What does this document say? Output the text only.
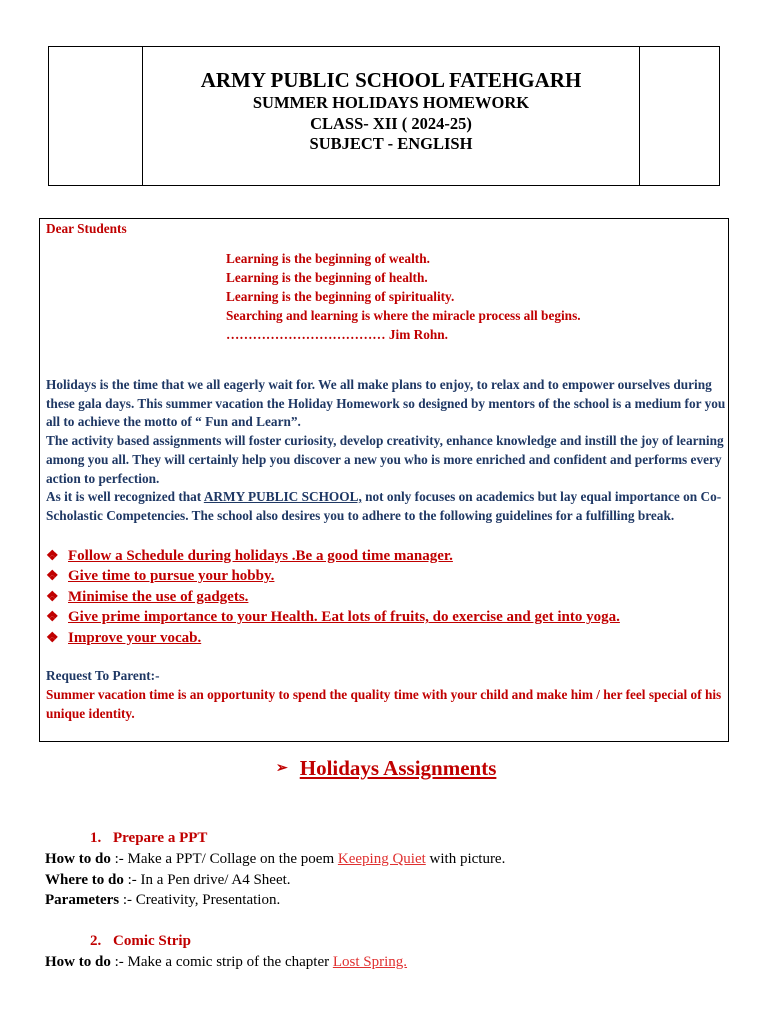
ARMY PUBLIC SCHOOL FATEHGARH
SUMMER HOLIDAYS HOMEWORK
CLASS- XII ( 2024-25)
SUBJECT - ENGLISH
Dear Students
Learning is the beginning of wealth.
Learning is the beginning of health.
Learning is the beginning of spirituality.
Searching and learning is where the miracle process all begins.
……………………………… Jim Rohn.
Holidays is the time that we all eagerly wait for. We all make plans to enjoy, to relax and to empower ourselves during these gala days. This summer vacation the Holiday Homework so designed by mentors of the school is a medium for you all to achieve the motto of “ Fun and Learn”.
The activity based assignments will foster curiosity, develop creativity, enhance knowledge and instill the joy of learning among you all. They will certainly help you discover a new you who is more enriched and confident and performs every action to perfection.
As it is well recognized that ARMY PUBLIC SCHOOL, not only focuses on academics but lay equal importance on Co-Scholastic Competencies. The school also desires you to adhere to the following guidelines for a fulfilling break.
❖ Follow a Schedule during holidays .Be a good time manager.
❖ Give time to pursue your hobby.
❖ Minimise the use of gadgets.
❖ Give prime importance to your Health. Eat lots of fruits, do exercise and get into yoga.
❖ Improve your vocab.
Request To Parent:-
Summer vacation time is an opportunity to spend the quality time with your child and make him / her feel special of his unique identity.
➢ Holidays Assignments
1. Prepare a PPT
How to do :- Make a PPT/ Collage on the poem Keeping Quiet with picture.
Where to do :- In a Pen drive/ A4 Sheet.
Parameters :- Creativity, Presentation.
2. Comic Strip
How to do :- Make a comic strip of the chapter Lost Spring.
